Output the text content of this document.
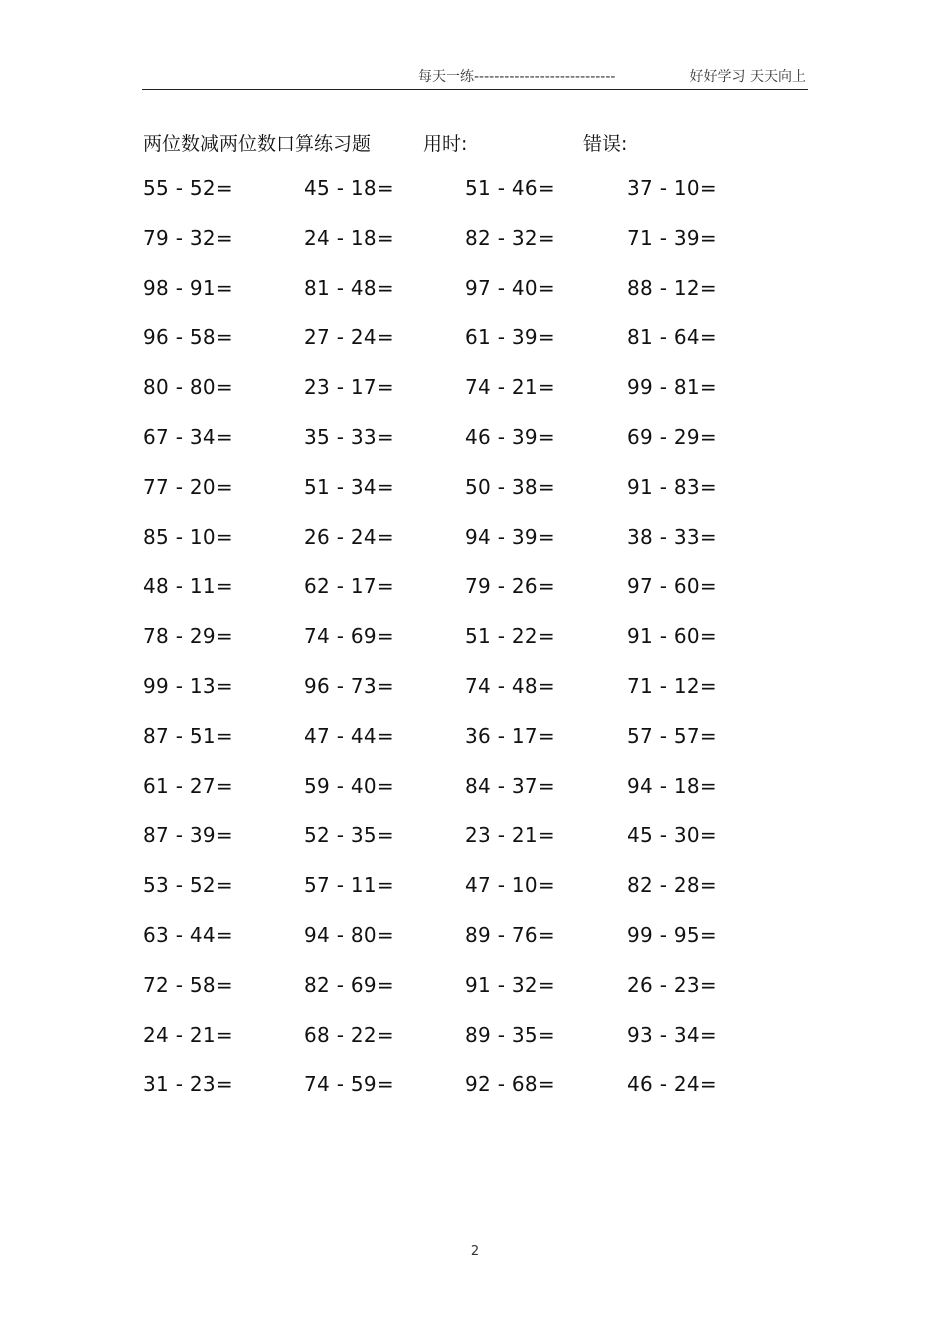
每天一练----------------------------	好好学习 天天向上
两位数减两位数口算练习题	用时:	错误:
55 - 52=	45 - 18=	51 - 46=	37 - 10=
79 - 32=	24 - 18=	82 - 32=	71 - 39=
98 - 91=	81 - 48=	97 - 40=	88 - 12=
96 - 58=	27 - 24=	61 - 39=	81 - 64=
80 - 80=	23 - 17=	74 - 21=	99 - 81=
67 - 34=	35 - 33=	46 - 39=	69 - 29=
77 - 20=	51 - 34=	50 - 38=	91 - 83=
85 - 10=	26 - 24=	94 - 39=	38 - 33=
48 - 11=	62 - 17=	79 - 26=	97 - 60=
78 - 29=	74 - 69=	51 - 22=	91 - 60=
99 - 13=	96 - 73=	74 - 48=	71 - 12=
87 - 51=	47 - 44=	36 - 17=	57 - 57=
61 - 27=	59 - 40=	84 - 37=	94 - 18=
87 - 39=	52 - 35=	23 - 21=	45 - 30=
53 - 52=	57 - 11=	47 - 10=	82 - 28=
63 - 44=	94 - 80=	89 - 76=	99 - 95=
72 - 58=	82 - 69=	91 - 32=	26 - 23=
24 - 21=	68 - 22=	89 - 35=	93 - 34=
31 - 23=	74 - 59=	92 - 68=	46 - 24=
2
